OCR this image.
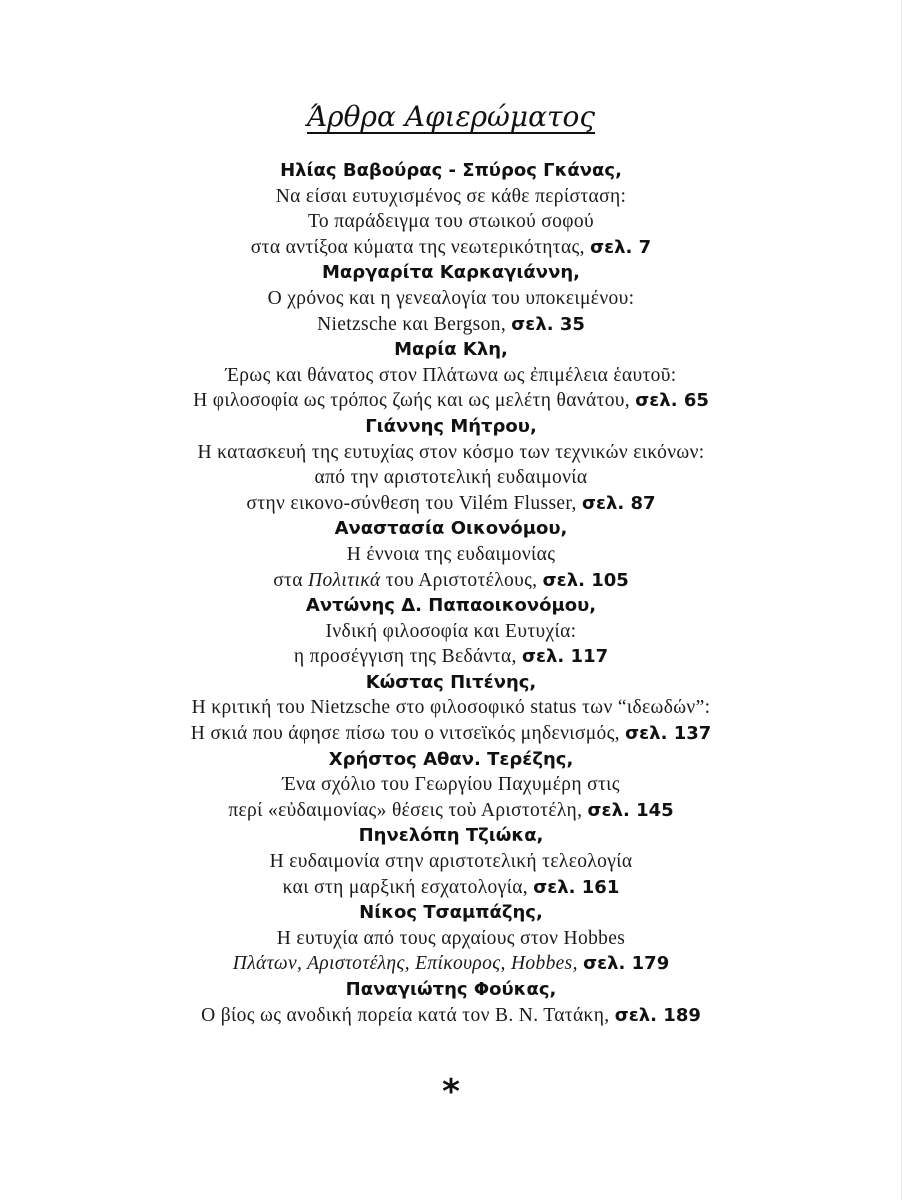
Άρθρα Αφιερώματος
Ηλίας Βαβούρας - Σπύρος Γκάνας,
Να είσαι ευτυχισμένος σε κάθε περίσταση:
Το παράδειγμα του στωικού σοφού
στα αντίξοα κύματα της νεωτερικότητας, σελ. 7
Μαργαρίτα Καρκαγιάννη,
Ο χρόνος και η γενεαλογία του υποκειμένου:
Nietzsche και Bergson, σελ. 35
Μαρία Κλη,
Έρως και θάνατος στον Πλάτωνα ως ἐπιμέλεια ἑαυτοῦ:
Η φιλοσοφία ως τρόπος ζωής και ως μελέτη θανάτου, σελ. 65
Γιάννης Μήτρου,
Η κατασκευή της ευτυχίας στον κόσμο των τεχνικών εικόνων:
από την αριστοτελική ευδαιμονία
στην εικονο-σύνθεση του Vilém Flusser, σελ. 87
Αναστασία Οικονόμου,
Η έννοια της ευδαιμονίας
στα Πολιτικά του Αριστοτέλους, σελ. 105
Αντώνης Δ. Παπαοικονόμου,
Ινδική φιλοσοφία και Ευτυχία:
η προσέγγιση της Βεδάντα, σελ. 117
Κώστας Πιτένης,
Η κριτική του Nietzsche στο φιλοσοφικό status των “ιδεωδών”:
Η σκιά που άφησε πίσω του ο νιτσεϊκός μηδενισμός, σελ. 137
Χρήστος Αθαν. Τερέζης,
Ένα σχόλιο του Γεωργίου Παχυμέρη στις
περί «εὐδαιμονίας» θέσεις τοὺ Αριστοτέλη, σελ. 145
Πηνελόπη Τζιώκα,
Η ευδαιμονία στην αριστοτελική τελεολογία
και στη μαρξική εσχατολογία, σελ. 161
Νίκος Τσαμπάζης,
Η ευτυχία από τους αρχαίους στον Hobbes
Πλάτων, Αριστοτέλης, Επίκουρος, Hobbes, σελ. 179
Παναγιώτης Φούκας,
Ο βίος ως ανοδική πορεία κατά τον Β. Ν. Τατάκη, σελ. 189
*
